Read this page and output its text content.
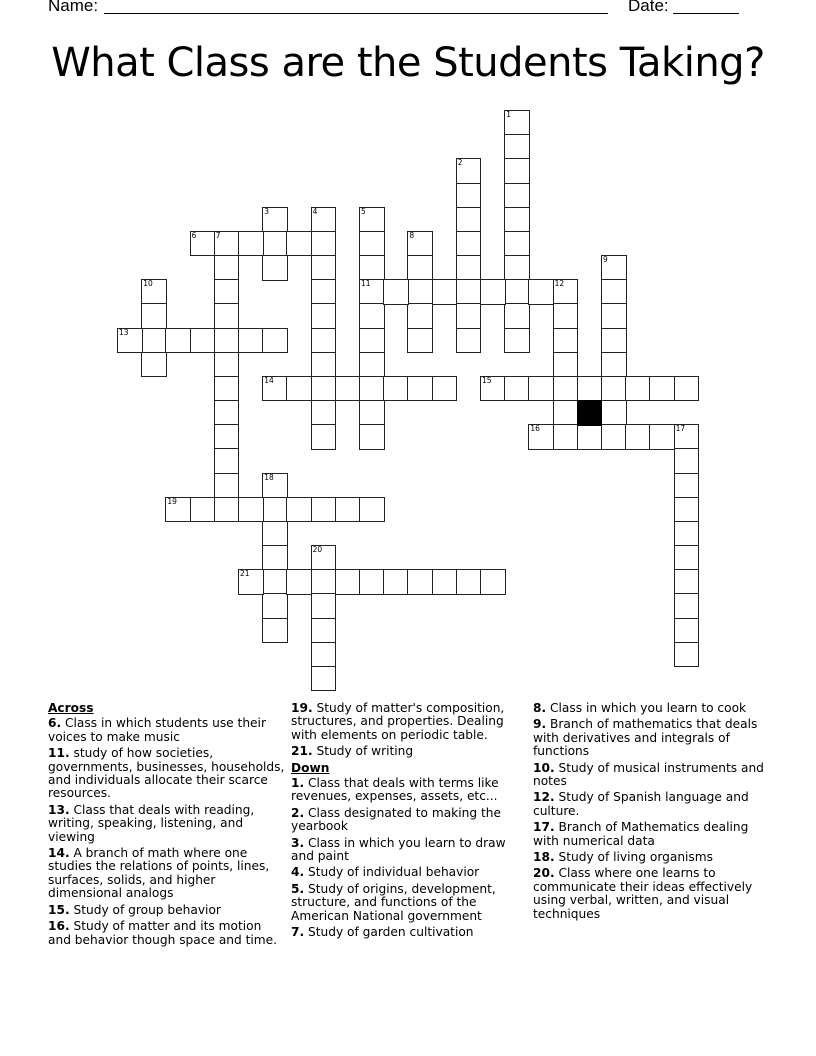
Name:	Date:
What Class are the Students Taking?
1
2
3	4	5
11
6	7	8
9
10	12
13
14	15
16	17
18
19
20
21
Across
6. Class in which students use their voices to make music
11. study of how societies, governments, businesses, households, and individuals allocate their scarce resources.
13. Class that deals with reading, writing, speaking, listening, and viewing
14. A branch of math where one studies the relations of points, lines, surfaces, solids, and higher dimensional analogs
15. Study of group behavior
16. Study of matter and its motion and behavior though space and time.
19. Study of matter's composition, structures, and properties. Dealing with elements on periodic table.
21. Study of writing
Down
1. Class that deals with terms like revenues, expenses, assets, etc...
2. Class designated to making the yearbook
3. Class in which you learn to draw and paint
4. Study of individual behavior
5. Study of origins, development, structure, and functions of the American National government
7. Study of garden cultivation
8. Class in which you learn to cook
9. Branch of mathematics that deals with derivatives and integrals of functions
10. Study of musical instruments and notes
12. Study of Spanish language and culture.
17. Branch of Mathematics dealing with numerical data
18. Study of living organisms
20. Class where one learns to communicate their ideas effectively using verbal, written, and visual techniques
